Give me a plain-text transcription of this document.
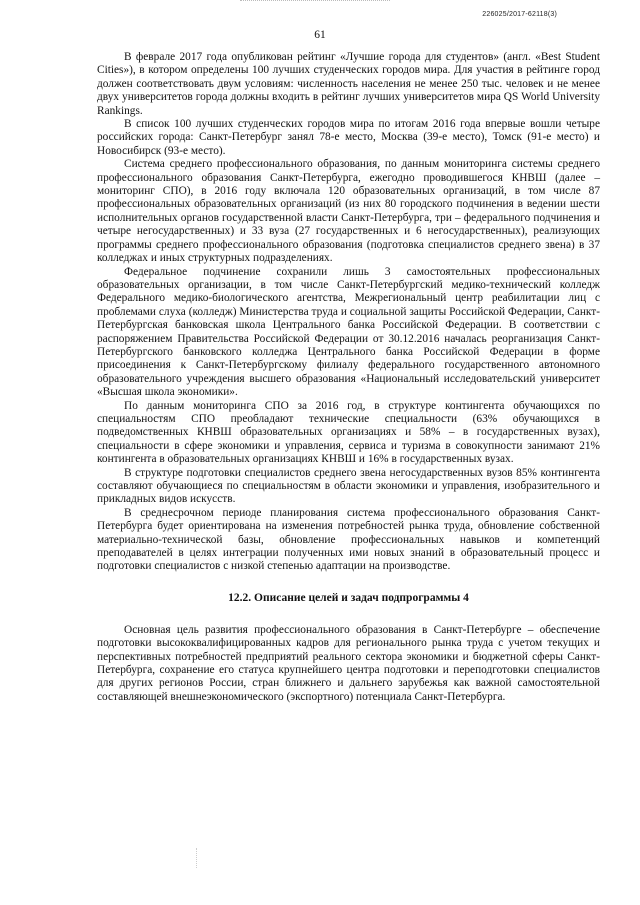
226025/2017-62118(3)
61

В феврале 2017 года опубликован рейтинг «Лучшие города для студентов» (англ. «Best Student Cities»), в котором определены 100 лучших студенческих городов мира. Для участия в рейтинге город должен соответствовать двум условиям: численность населения не менее 250 тыс. человек и не менее двух университетов города должны входить в рейтинг лучших университетов мира QS World University Rankings.

В список 100 лучших студенческих городов мира по итогам 2016 года впервые вошли четыре российских города: Санкт-Петербург занял 78-е место, Москва (39-е место), Томск (91-е место) и Новосибирск (93-е место).

Система среднего профессионального образования, по данным мониторинга системы среднего профессионального образования Санкт-Петербурга, ежегодно проводившегося КНВШ (далее – мониторинг СПО), в 2016 году включала 120 образовательных организаций, в том числе 87 профессиональных образовательных организаций (из них 80 городского подчинения в ведении шести исполнительных органов государственной власти Санкт-Петербурга, три – федерального подчинения и четыре негосударственных) и 33 вуза (27 государственных и 6 негосударственных), реализующих программы среднего профессионального образования (подготовка специалистов среднего звена) в 37 колледжах и иных структурных подразделениях.

Федеральное подчинение сохранили лишь 3 самостоятельных профессиональных образовательных организации, в том числе Санкт-Петербургский медико-технический колледж Федерального медико-биологического агентства, Межрегиональный центр реабилитации лиц с проблемами слуха (колледж) Министерства труда и социальной защиты Российской Федерации, Санкт-Петербургская банковская школа Центрального банка Российской Федерации. В соответствии с распоряжением Правительства Российской Федерации от 30.12.2016 началась реорганизация Санкт-Петербургского банковского колледжа Центрального банка Российской Федерации в форме присоединения к Санкт-Петербургскому филиалу федерального государственного автономного образовательного учреждения высшего образования «Национальный исследовательский университет «Высшая школа экономики».

По данным мониторинга СПО за 2016 год, в структуре контингента обучающихся по специальностям СПО преобладают технические специальности (63% обучающихся в подведомственных КНВШ образовательных организациях и 58% – в государственных вузах), специальности в сфере экономики и управления, сервиса и туризма в совокупности занимают 21% контингента в образовательных организациях КНВШ и 16% в государственных вузах.

В структуре подготовки специалистов среднего звена негосударственных вузов 85% контингента составляют обучающиеся по специальностям в области экономики и управления, изобразительного и прикладных видов искусств.

В среднесрочном периоде планирования система профессионального образования Санкт-Петербурга будет ориентирована на изменения потребностей рынка труда, обновление собственной материально-технической базы, обновление профессиональных навыков и компетенций преподавателей в целях интеграции полученных ими новых знаний в образовательный процесс и подготовки специалистов с низкой степенью адаптации на производстве.

12.2. Описание целей и задач подпрограммы 4

Основная цель развития профессионального образования в Санкт-Петербурге – обеспечение подготовки высококвалифицированных кадров для регионального рынка труда с учетом текущих и перспективных потребностей предприятий реального сектора экономики и бюджетной сферы Санкт-Петербурга, сохранение его статуса крупнейшего центра подготовки и переподготовки специалистов для других регионов России, стран ближнего и дальнего зарубежья как важной самостоятельной составляющей внешнеэкономического (экспортного) потенциала Санкт-Петербурга.
